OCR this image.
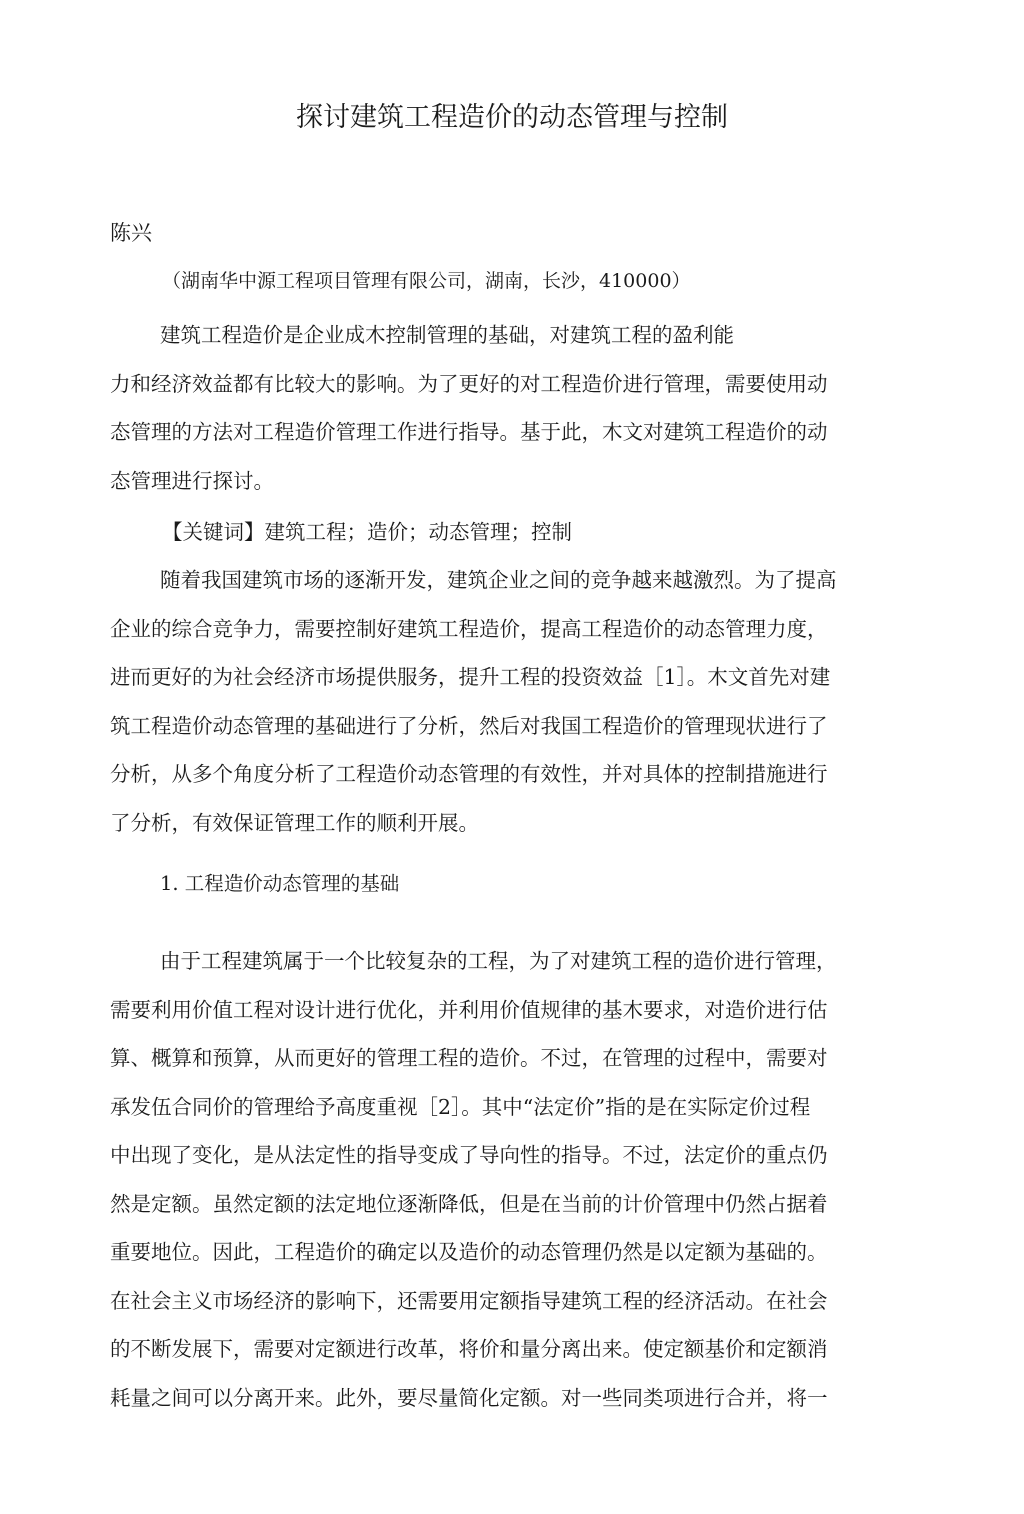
探讨建筑工程造价的动态管理与控制
陈兴
（湖南华中源工程项目管理有限公司，湖南，长沙，410000）
建筑工程造价是企业成木控制管理的基础，对建筑工程的盈利能
力和经济效益都有比较大的影响。为了更好的对工程造价进行管理，需要使用动
态管理的方法对工程造价管理工作进行指导。基于此，木文对建筑工程造价的动
态管理进行探讨。
【关键词】建筑工程；造价；动态管理；控制
随着我国建筑市场的逐渐开发，建筑企业之间的竞争越来越激烈。为了提高
企业的综合竞争力，需要控制好建筑工程造价，提高工程造价的动态管理力度，
进而更好的为社会经济市场提供服务，提升工程的投资效益［1］。木文首先对建
筑工程造价动态管理的基础进行了分析，然后对我国工程造价的管理现状进行了
分析，从多个角度分析了工程造价动态管理的有效性，并对具体的控制措施进行
了分析，有效保证管理工作的顺利开展。
1. 工程造价动态管理的基础
由于工程建筑属于一个比较复杂的工程，为了对建筑工程的造价进行管理，
需要利用价值工程对设计进行优化，并利用价值规律的基木要求，对造价进行估
算、概算和预算，从而更好的管理工程的造价。不过，在管理的过程中，需要对
承发伍合同价的管理给予高度重视［2］。其中“法定价”指的是在实际定价过程
中出现了变化，是从法定性的指导变成了导向性的指导。不过，法定价的重点仍
然是定额。虽然定额的法定地位逐渐降低，但是在当前的计价管理中仍然占据着
重要地位。因此，工程造价的确定以及造价的动态管理仍然是以定额为基础的。
在社会主义市场经济的影响下，还需要用定额指导建筑工程的经济活动。在社会
的不断发展下，需要对定额进行改革，将价和量分离出来。使定额基价和定额消
耗量之间可以分离开来。此外，要尽量简化定额。对一些同类项进行合并，将一
